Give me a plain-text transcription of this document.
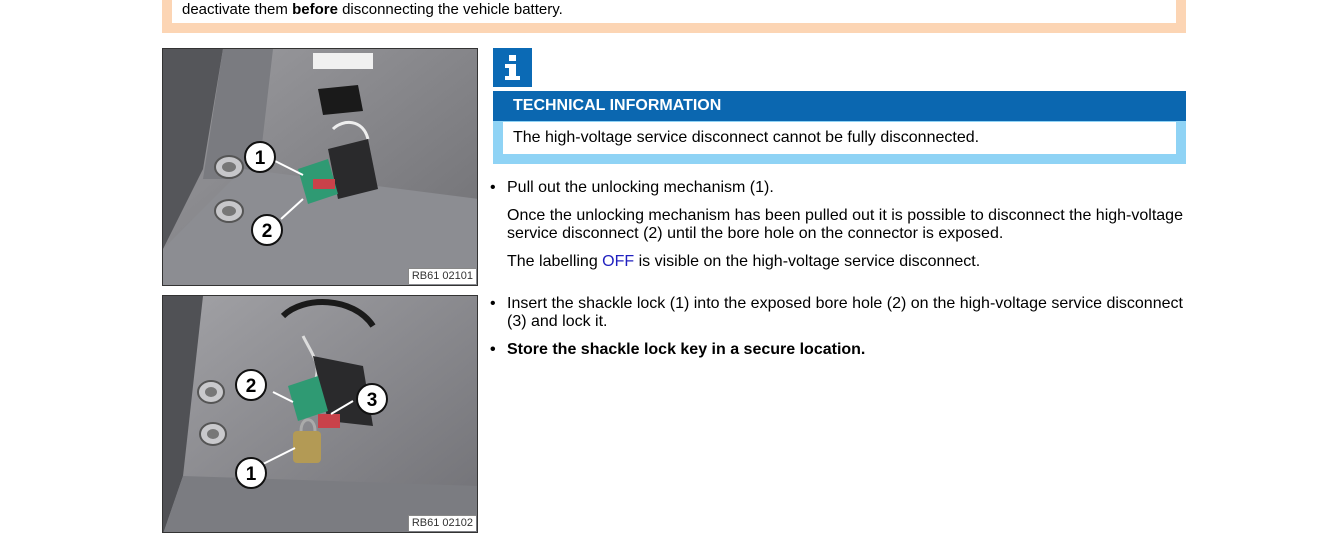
deactivate them before disconnecting the vehicle battery.
1
2
RB61 02101
2
3
1
RB61 02102
TECHNICAL INFORMATION
The high-voltage service disconnect cannot be fully disconnected.
• Pull out the unlocking mechanism (1).
Once the unlocking mechanism has been pulled out it is possible to disconnect the high-voltage service disconnect (2) until the bore hole on the connector is exposed.
The labelling OFF is visible on the high-voltage service disconnect.
• Insert the shackle lock (1) into the exposed bore hole (2) on the high-voltage service disconnect (3) and lock it.
• Store the shackle lock key in a secure location.
